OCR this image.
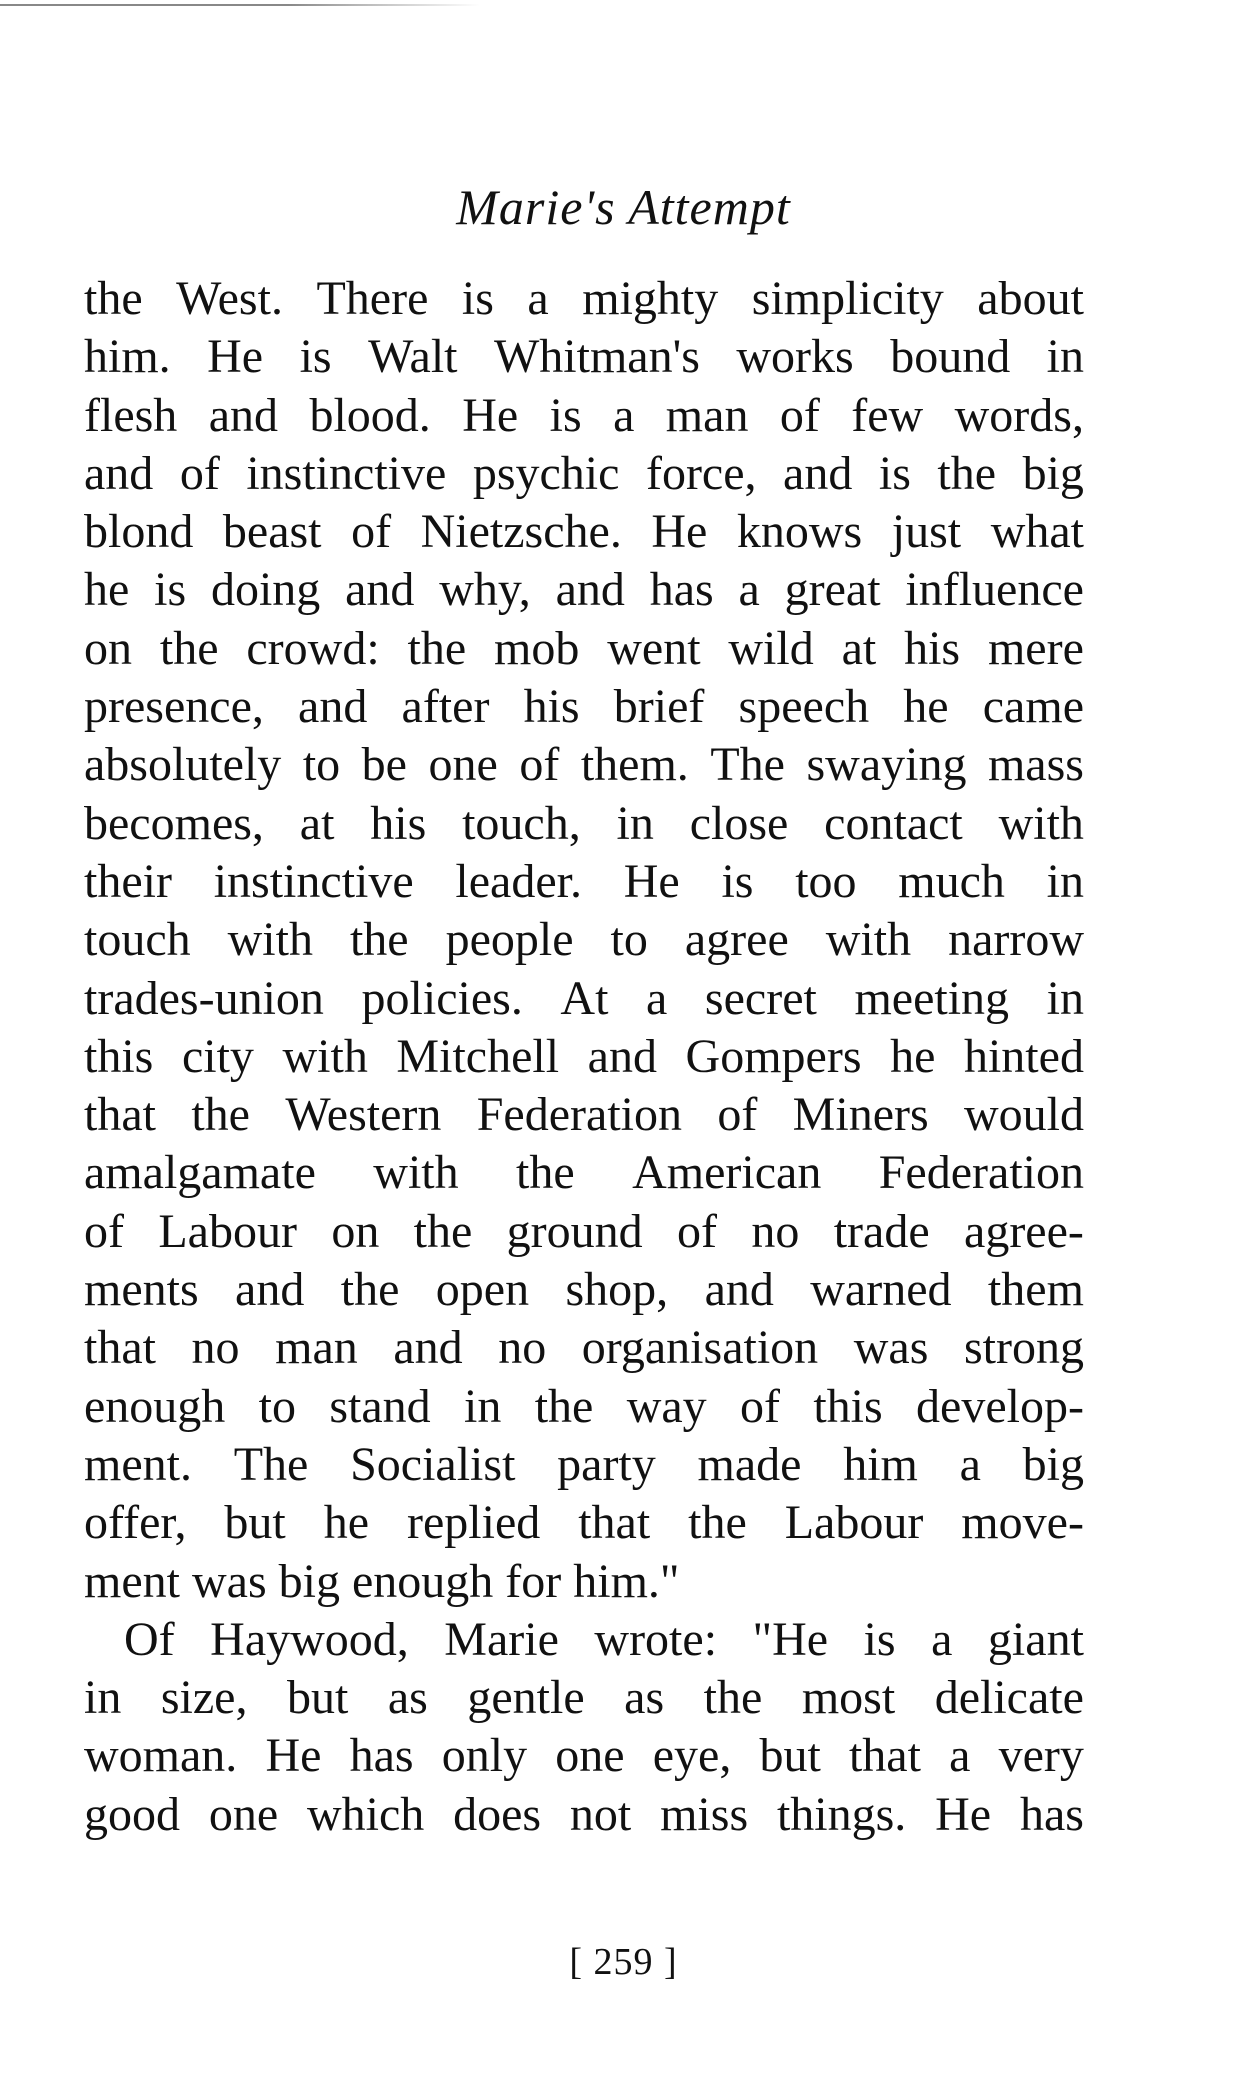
Marie's Attempt
the West. There is a mighty simplicity about
him. He is Walt Whitman's works bound in
flesh and blood. He is a man of few words,
and of instinctive psychic force, and is the big
blond beast of Nietzsche. He knows just what
he is doing and why, and has a great influence
on the crowd: the mob went wild at his mere
presence, and after his brief speech he came
absolutely to be one of them. The swaying mass
becomes, at his touch, in close contact with
their instinctive leader. He is too much in
touch with the people to agree with narrow
trades-union policies. At a secret meeting in
this city with Mitchell and Gompers he hinted
that the Western Federation of Miners would
amalgamate with the American Federation
of Labour on the ground of no trade agree-
ments and the open shop, and warned them
that no man and no organisation was strong
enough to stand in the way of this develop-
ment. The Socialist party made him a big
offer, but he replied that the Labour move-
ment was big enough for him."
Of Haywood, Marie wrote: "He is a giant
in size, but as gentle as the most delicate
woman. He has only one eye, but that a very
good one which does not miss things. He has
[ 259 ]
